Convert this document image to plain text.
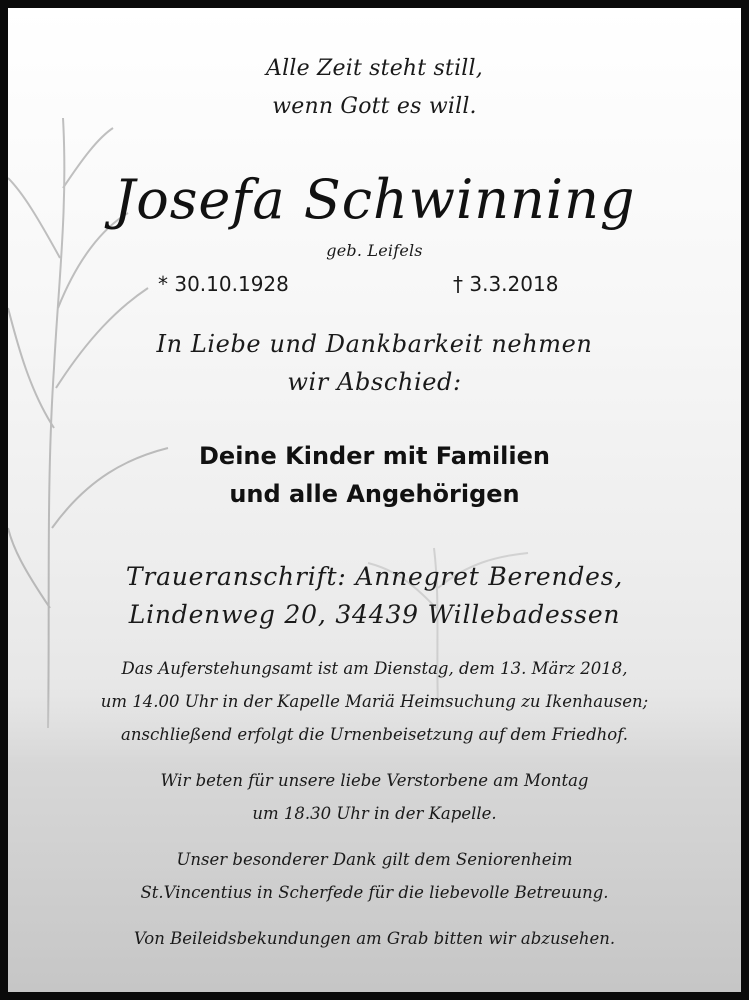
Alle Zeit steht still,
wenn Gott es will.
Josefa Schwinning
geb. Leifels
* 30.10.1928	† 3.3.2018
In Liebe und Dankbarkeit nehmen
wir Abschied:
Deine Kinder mit Familien
und alle Angehörigen
Traueranschrift: Annegret Berendes,
Lindenweg 20, 34439 Willebadessen
Das Auferstehungsamt ist am Dienstag, dem 13. März 2018,
um 14.00 Uhr in der Kapelle Mariä Heimsuchung zu Ikenhausen;
anschließend erfolgt die Urnenbeisetzung auf dem Friedhof.
Wir beten für unsere liebe Verstorbene am Montag
um 18.30 Uhr in der Kapelle.
Unser besonderer Dank gilt dem Seniorenheim
St.Vincentius in Scherfede für die liebevolle Betreuung.
Von Beileidsbekundungen am Grab bitten wir abzusehen.
